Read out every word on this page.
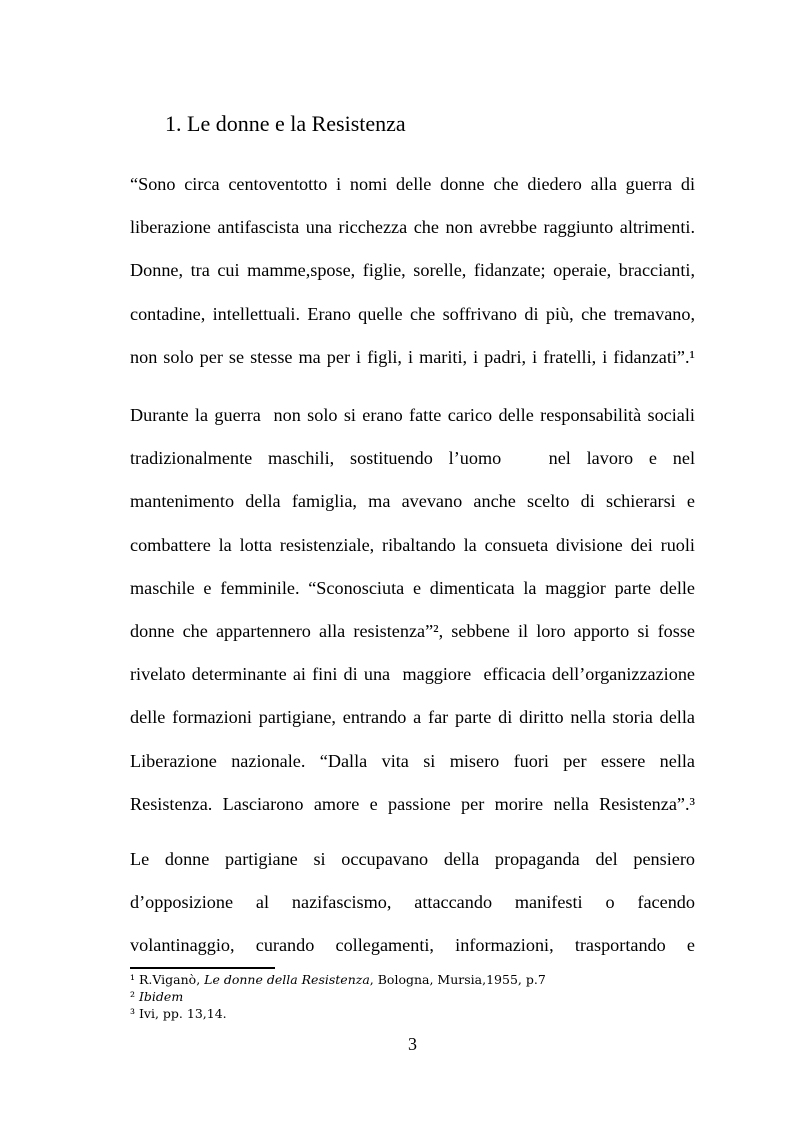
1. Le donne e la Resistenza
“Sono circa centoventotto i nomi delle donne che diedero alla guerra di
liberazione antifascista una ricchezza che non avrebbe raggiunto altrimenti.
Donne, tra cui mamme,spose, figlie, sorelle, fidanzate; operaie, braccianti,
contadine, intellettuali. Erano quelle che soffrivano di più, che tremavano,
non solo per se stesse ma per i figli, i mariti, i padri, i fratelli, i fidanzati”.¹
Durante la guerra  non solo si erano fatte carico delle responsabilità sociali
tradizionalmente maschili, sostituendo l’uomo   nel lavoro e nel
mantenimento della famiglia, ma avevano anche scelto di schierarsi e
combattere la lotta resistenziale, ribaltando la consueta divisione dei ruoli
maschile e femminile. “Sconosciuta e dimenticata la maggior parte delle
donne che appartennero alla resistenza”², sebbene il loro apporto si fosse
rivelato determinante ai fini di una  maggiore  efficacia dell’organizzazione
delle formazioni partigiane, entrando a far parte di diritto nella storia della
Liberazione nazionale. “Dalla vita si misero fuori per essere nella
Resistenza. Lasciarono amore e passione per morire nella Resistenza”.³
Le donne partigiane si occupavano della propaganda del pensiero
d’opposizione al nazifascismo, attaccando manifesti o facendo
volantinaggio, curando collegamenti, informazioni, trasportando e
¹ R.Viganò, Le donne della Resistenza, Bologna, Mursia,1955, p.7
² Ibidem
³ Ivi, pp. 13,14.
3
